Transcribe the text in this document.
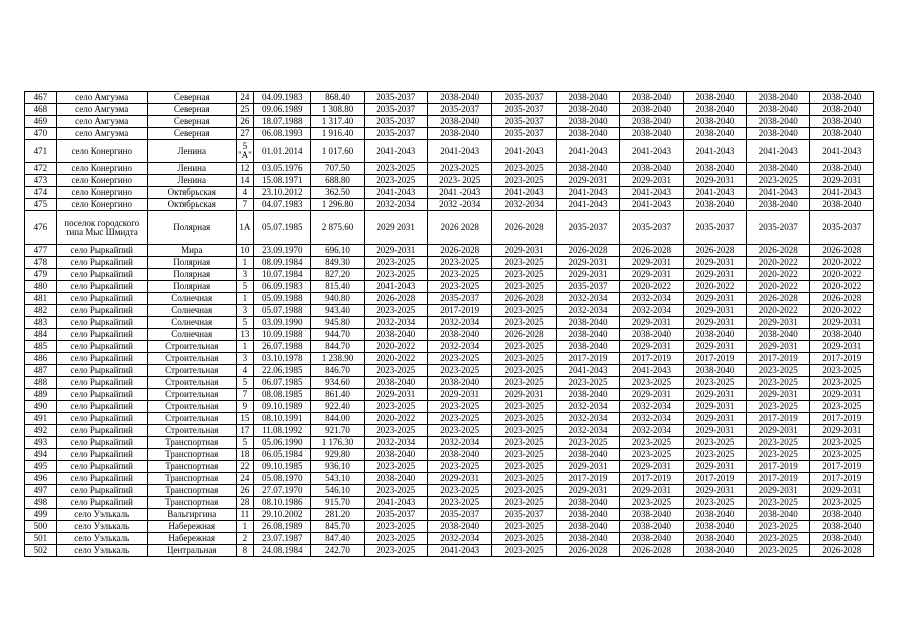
467	село Амгуэма	Северная	24	04.09.1983	868.40	2035-2037	2038-2040	2035-2037	2038-2040	2038-2040	2038-2040	2038-2040	2038-2040
468	село Амгуэма	Северная	25	09.06.1989	1 308.80	2035-2037	2035-2037	2035-2037	2038-2040	2038-2040	2038-2040	2038-2040	2038-2040
469	село Амгуэма	Северная	26	18.07.1988	1 317.40	2035-2037	2038-2040	2035-2037	2038-2040	2038-2040	2038-2040	2038-2040	2038-2040
470	село Амгуэма	Северная	27	06.08.1993	1 916.40	2035-2037	2038-2040	2035-2037	2038-2040	2038-2040	2038-2040	2038-2040	2038-2040
471	село Конергино	Ленина	5 "А"	01.01.2014	1 017.60	2041-2043	2041-2043	2041-2043	2041-2043	2041-2043	2041-2043	2041-2043	2041-2043
472	село Конергино	Ленина	12	03.05.1976	707.50	2023-2025	2023-2025	2023-2025	2038-2040	2038-2040	2038-2040	2038-2040	2038-2040
473	село Конергино	Ленина	14	15.08.1971	688.80	2023-2025	2023- 2025	2023-2025	2029-2031	2029-2031	2029-2031	2023-2025	2029-2031
474	село Конергино	Октябрьская	4	23.10.2012	362.50	2041-2043	2041 -2043	2041-2043	2041-2043	2041-2043	2041-2043	2041-2043	2041-2043
475	село Конергино	Октябрьская	7	04.07.1983	1 296.80	2032-2034	2032 -2034	2032-2034	2041-2043	2041-2043	2038-2040	2038-2040	2038-2040
476	поселок городского типа Мыс Шмидта	Полярная	1А	05.07.1985	2 875.60	2029 2031	2026 2028	2026-2028	2035-2037	2035-2037	2035-2037	2035-2037	2035-2037
477	село Рыркайпий	Мира	10	23.09.1970	696.10	2029-2031	2026-2028	2029-2031	2026-2028	2026-2028	2026-2028	2026-2028	2026-2028
478	село Рыркайпий	Полярная	1	08.09.1984	849.30	2023-2025	2023-2025	2023-2025	2029-2031	2029-2031	2029-2031	2020-2022	2020-2022
479	село Рыркайпий	Полярная	3	10.07.1984	827.20	2023-2025	2023-2025	2023-2025	2029-2031	2029-2031	2029-2031	2020-2022	2020-2022
480	село Рыркайпий	Полярная	5	06.09.1983	815.40	2041-2043	2023-2025	2023-2025	2035-2037	2020-2022	2020-2022	2020-2022	2020-2022
481	село Рыркайпий	Солнечная	1	05.09.1988	940.80	2026-2028	2035-2037	2026-2028	2032-2034	2032-2034	2029-2031	2026-2028	2026-2028
482	село Рыркайпий	Солнечная	3	05.07.1988	943.40	2023-2025	2017-2019	2023-2025	2032-2034	2032-2034	2029-2031	2020-2022	2020-2022
483	село Рыркайпий	Солнечная	5	03.09.1990	945.80	2032-2034	2032-2034	2023-2025	2038-2040	2029-2031	2029-2031	2029-2031	2029-2031
484	село Рыркайпий	Солнечная	13	10.09.1988	944.70	2038-2040	2038-2040	2026-2028	2038-2040	2038-2040	2038-2040	2038-2040	2038-2040
485	село Рыркайпий	Строительная	1	26.07.1988	844.70	2020-2022	2032-2034	2023-2025	2038-2040	2029-2031	2029-2031	2029-2031	2029-2031
486	село Рыркайпий	Строительная	3	03.10.1978	1 238.90	2020-2022	2023-2025	2023-2025	2017-2019	2017-2019	2017-2019	2017-2019	2017-2019
487	село Рыркайпий	Строительная	4	22.06.1985	846.70	2023-2025	2023-2025	2023-2025	2041-2043	2041-2043	2038-2040	2023-2025	2023-2025
488	село Рыркайпий	Строительная	5	06.07.1985	934.60	2038-2040	2038-2040	2023-2025	2023-2025	2023-2025	2023-2025	2023-2025	2023-2025
489	село Рыркайпий	Строительная	7	08.08.1985	861.40	2029-2031	2029-2031	2029-2031	2038-2040	2029-2031	2029-2031	2029-2031	2029-2031
490	село Рыркайпий	Строительная	9	09.10.1989	922.40	2023-2025	2023-2025	2023-2025	2032-2034	2032-2034	2029-2031	2023-2025	2023-2025
491	село Рыркайпий	Строительная	15	08.10.1991	844.00	2020-2022	2023-2025	2023-2025	2032-2034	2032-2034	2029-2031	2017-2019	2017-2019
492	село Рыркайпий	Строительная	17	11.08.1992	921.70	2023-2025	2023-2025	2023-2025	2032-2034	2032-2034	2029-2031	2029-2031	2029-2031
493	село Рыркайпий	Транспортная	5	05.06.1990	1 176.30	2032-2034	2032-2034	2023-2025	2023-2025	2023-2025	2023-2025	2023-2025	2023-2025
494	село Рыркайпий	Транспортная	18	06.05.1984	929.80	2038-2040	2038-2040	2023-2025	2038-2040	2023-2025	2023-2025	2023-2025	2023-2025
495	село Рыркайпий	Транспортная	22	09.10.1985	936.10	2023-2025	2023-2025	2023-2025	2029-2031	2029-2031	2029-2031	2017-2019	2017-2019
496	село Рыркайпий	Транспортная	24	05.08.1970	543.10	2038-2040	2029-2031	2023-2025	2017-2019	2017-2019	2017-2019	2017-2019	2017-2019
497	село Рыркайпий	Транспортная	26	27.07.1970	546.10	2023-2025	2023-2025	2023-2025	2029-2031	2029-2031	2029-2031	2029-2031	2029-2031
498	село Рыркайпий	Транспортная	28	08.10.1986	915.70	2041-2043	2023-2025	2023-2025	2038-2040	2023-2025	2023-2025	2023-2025	2023-2025
499	село Уэлькаль	Вальгиргина	11	29.10.2002	281.20	2035-2037	2035-2037	2035-2037	2038-2040	2038-2040	2038-2040	2038-2040	2038-2040
500	село Уэлькаль	Набережная	1	26.08.1989	845.70	2023-2025	2038-2040	2023-2025	2038-2040	2038-2040	2038-2040	2023-2025	2038-2040
501	село Уэлькаль	Набережная	2	23.07.1987	847.40	2023-2025	2032-2034	2023-2025	2038-2040	2038-2040	2038-2040	2023-2025	2038-2040
502	село Уэлькаль	Центральная	8	24.08.1984	242.70	2023-2025	2041-2043	2023-2025	2026-2028	2026-2028	2038-2040	2023-2025	2026-2028
